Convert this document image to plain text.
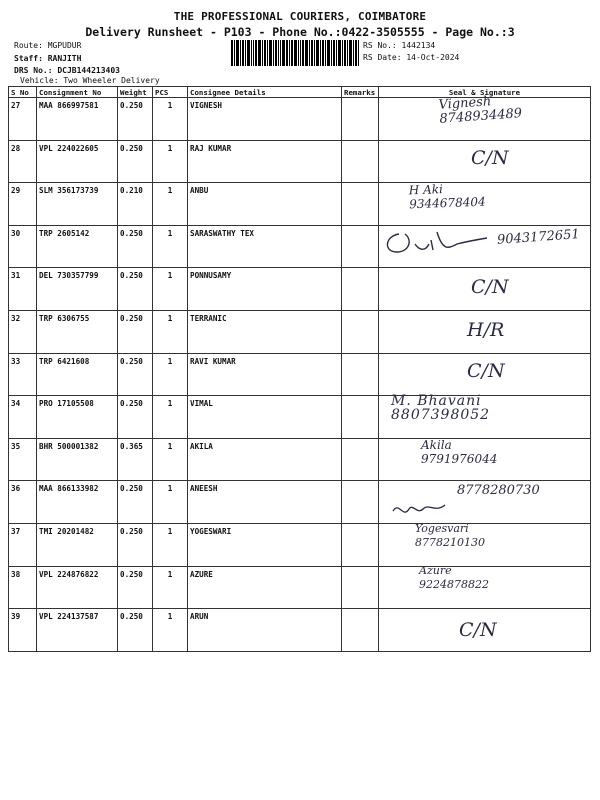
THE PROFESSIONAL COURIERS, COIMBATORE
Delivery Runsheet - P103 - Phone No.:0422-3505555 - Page No.:3
Route: MGPUDUR
Staff: RANJITH
DRS No.: DCJB144213403
Vehicle: Two Wheeler Delivery
RS No.: 1442134
RS Date: 14-Oct-2024
S No	Consignment No	Weight	PCS	Consignee Details	Remarks	Seal & Signature
27	MAA 866997581	0.250	1	VIGNESH		Vignesh
8748934489

28	VPL 224022605	0.250	1	RAJ KUMAR		C/N

29	SLM 356173739	0.210	1	ANBU		H Aki
9344678404

30	TRP 2605142	0.250	1	SARASWATHY TEX		9043172651

31	DEL 730357799	0.250	1	PONNUSAMY		C/N

32	TRP 6306755	0.250	1	TERRANIC		H/R

33	TRP 6421608	0.250	1	RAVI KUMAR		C/N

34	PRO 17105508	0.250	1	VIMAL		M. Bhavani
8807398052

35	BHR 500001382	0.365	1	AKILA		Akila
9791976044

36	MAA 866133982	0.250	1	ANEESH		8778280730

37	TMI 20201482	0.250	1	YOGESWARI		Yogesvari
8778210130

38	VPL 224876822	0.250	1	AZURE		Azure
9224878822

39	VPL 224137587	0.250	1	ARUN		C/N
